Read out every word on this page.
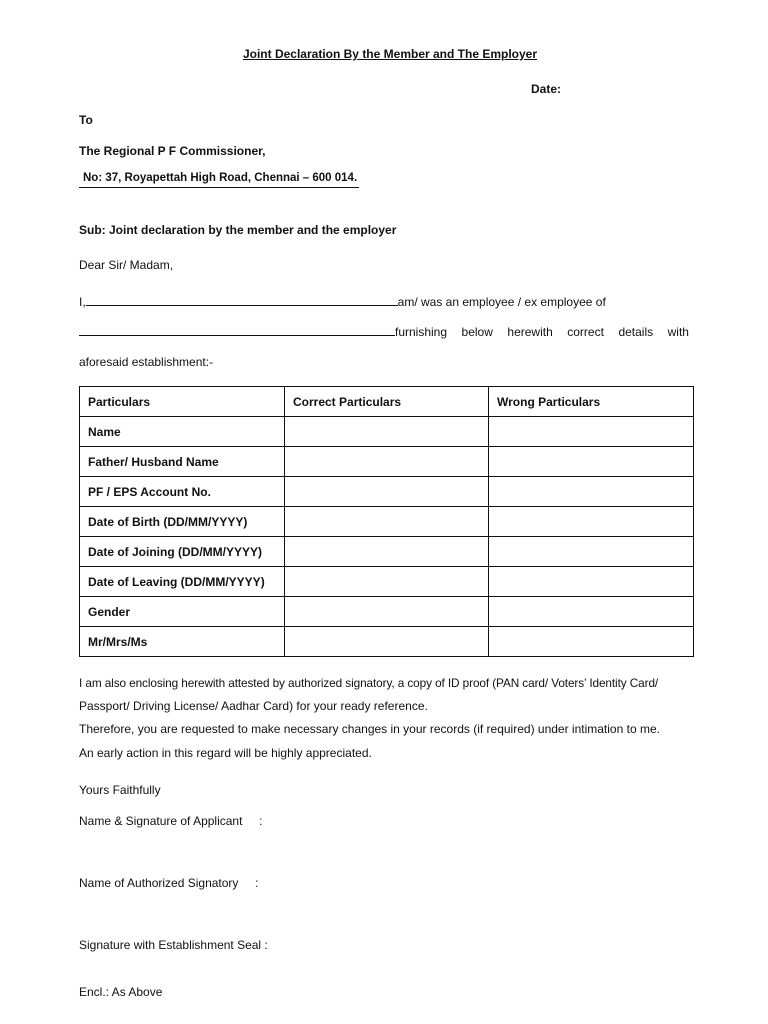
Joint Declaration By the Member and The Employer
Date:
To
The Regional P F Commissioner,
No: 37, Royapettah High Road, Chennai – 600 014.
Sub: Joint declaration by the member and the employer
Dear Sir/ Madam,
I,	am/ was an employee / ex employee of
furnishing below herewith correct details with
aforesaid establishment:-
Particulars	Correct Particulars	Wrong Particulars
Name		
Father/ Husband Name		
PF / EPS Account No.		
Date of Birth (DD/MM/YYYY)		
Date of Joining (DD/MM/YYYY)		
Date of Leaving (DD/MM/YYYY)		
Gender		
Mr/Mrs/Ms		
I am also enclosing herewith attested by authorized signatory, a copy of ID proof (PAN card/ Voters’ Identity Card/
Passport/ Driving License/ Aadhar Card) for your ready reference.
Therefore, you are requested to make necessary changes in your records (if required) under intimation to me.
An early action in this regard will be highly appreciated.
Yours Faithfully
Name & Signature of Applicant     :
Name of Authorized Signatory     :
Signature with Establishment Seal :
Encl.: As Above
